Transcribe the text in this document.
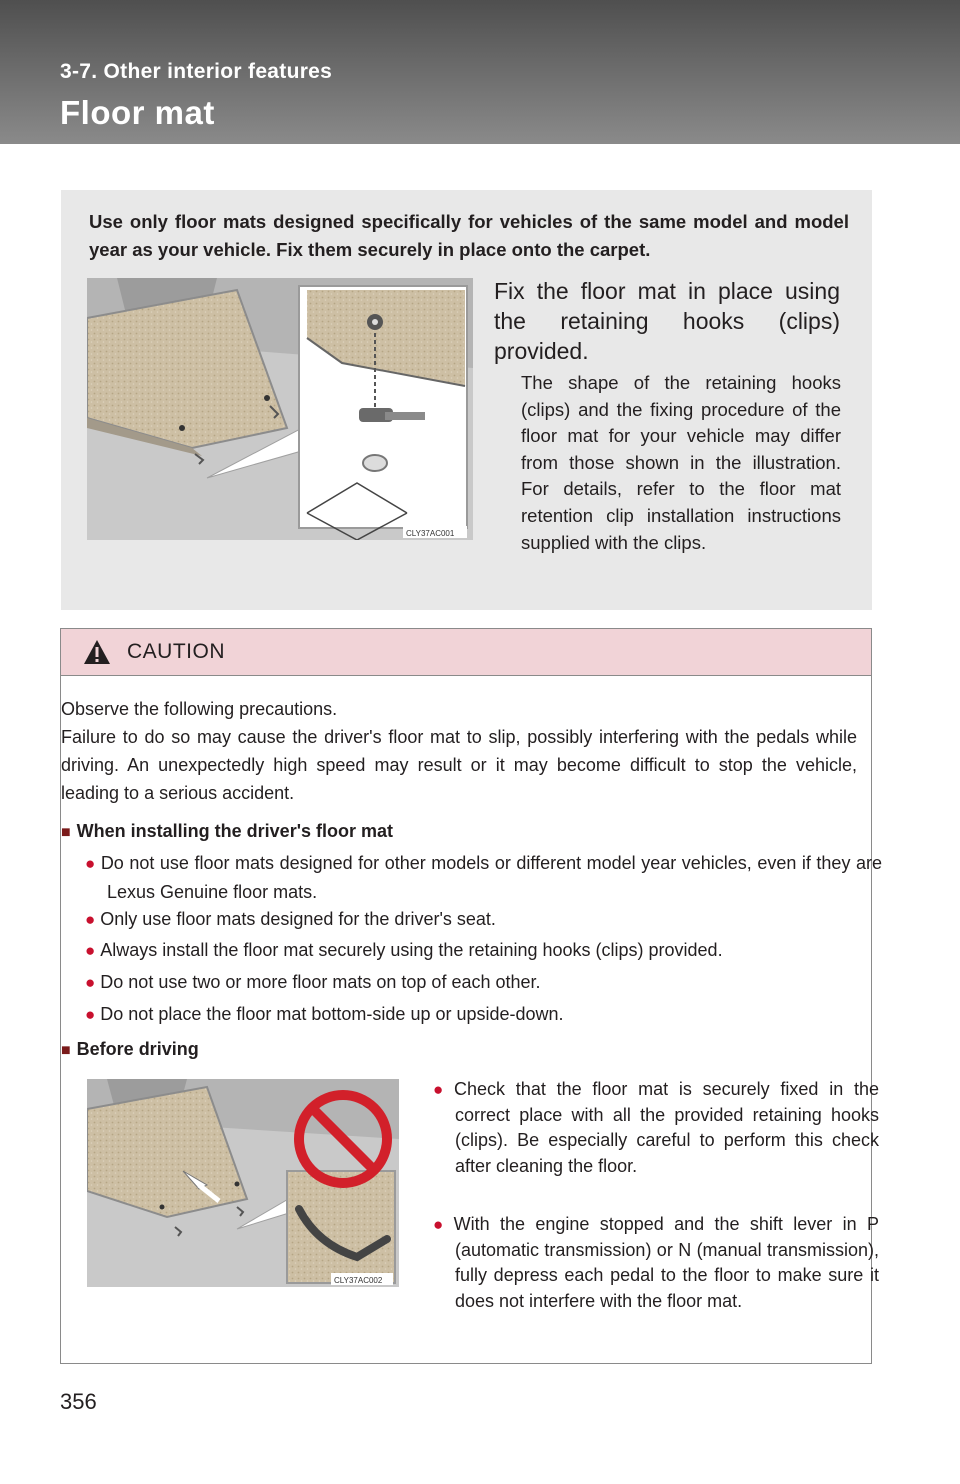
3-7. Other interior features
Floor mat
Use only floor mats designed specifically for vehicles of the same model and model year as your vehicle. Fix them securely in place onto the carpet.
CLY37AC001
Fix the floor mat in place using the retaining hooks (clips) provided.
The shape of the retaining hooks (clips) and the fixing procedure of the floor mat for your vehicle may differ from those shown in the illustration. For details, refer to the floor mat retention clip installation instructions supplied with the clips.
CAUTION
Observe the following precautions.
Failure to do so may cause the driver's floor mat to slip, possibly interfering with the pedals while driving. An unexpectedly high speed may result or it may become difficult to stop the vehicle, leading to a serious accident.
■ When installing the driver's floor mat
● Do not use floor mats designed for other models or different model year vehicles, even if they are Lexus Genuine floor mats.
● Only use floor mats designed for the driver's seat.
● Always install the floor mat securely using the retaining hooks (clips) provided.
● Do not use two or more floor mats on top of each other.
● Do not place the floor mat bottom-side up or upside-down.
■ Before driving
CLY37AC002
● Check that the floor mat is securely fixed in the correct place with all the provided retaining hooks (clips). Be especially careful to perform this check after cleaning the floor.
● With the engine stopped and the shift lever in P (automatic transmission) or N (manual transmission), fully depress each pedal to the floor to make sure it does not interfere with the floor mat.
356
